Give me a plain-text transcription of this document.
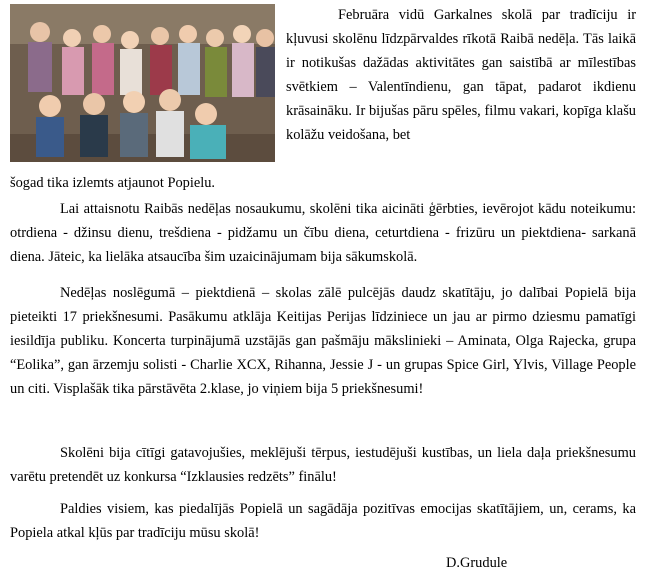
Februāra vidū Garkalnes skolā par tradīciju ir kļuvusi skolēnu līdzpārvaldes rīkotā Raibā nedēļa. Tās laikā ir notikušas dažādas aktivitātes gan saistībā ar mīlestības svētkiem – Valentīndienu, gan tāpat, padarot ikdienu krāsaināku. Ir bijušas pāru spēles, filmu vakari, kopīga klašu kolāžu veidošana, bet

šogad tika izlemts atjaunot Popielu.

Lai attaisnotu Raibās nedēļas nosaukumu, skolēni tika aicināti ģērbties, ievērojot kādu noteikumu: otrdiena - džinsu dienu, trešdiena - pidžamu un čību diena, ceturtdiena - frizūru un piektdiena- sarkanā diena. Jāteic, ka lielāka atsaucība šim uzaicinājumam bija sākumskolā.

Nedēļas noslēgumā – piektdienā – skolas zālē pulcējās daudz skatītāju, jo dalībai Popielā bija pieteikti 17 priekšnesumi. Pasākumu atklāja Keitijas Perijas līdziniece un jau ar pirmo dziesmu pamatīgi iesildīja publiku. Koncerta turpinājumā uzstājās gan pašmāju mākslinieki – Aminata, Olga Rajecka, grupa “Eolika”, gan ārzemju solisti - Charlie XCX, Rihanna, Jessie J - un grupas Spice Girl, Ylvis, Village People un citi. Visplašāk tika pārstāvēta 2.klase, jo viņiem bija 5 priekšnesumi!

Skolēni bija cītīgi gatavojušies, meklējuši tērpus, iestudējuši kustības, un liela daļa priekšnesumu varētu pretendēt uz konkursa “Izklausies redzēts” finālu!

Paldies visiem, kas piedalījās Popielā un sagādāja pozitīvas emocijas skatītājiem, un, cerams, ka Popiela atkal kļūs par tradīciju mūsu skolā!

D.Grudule
